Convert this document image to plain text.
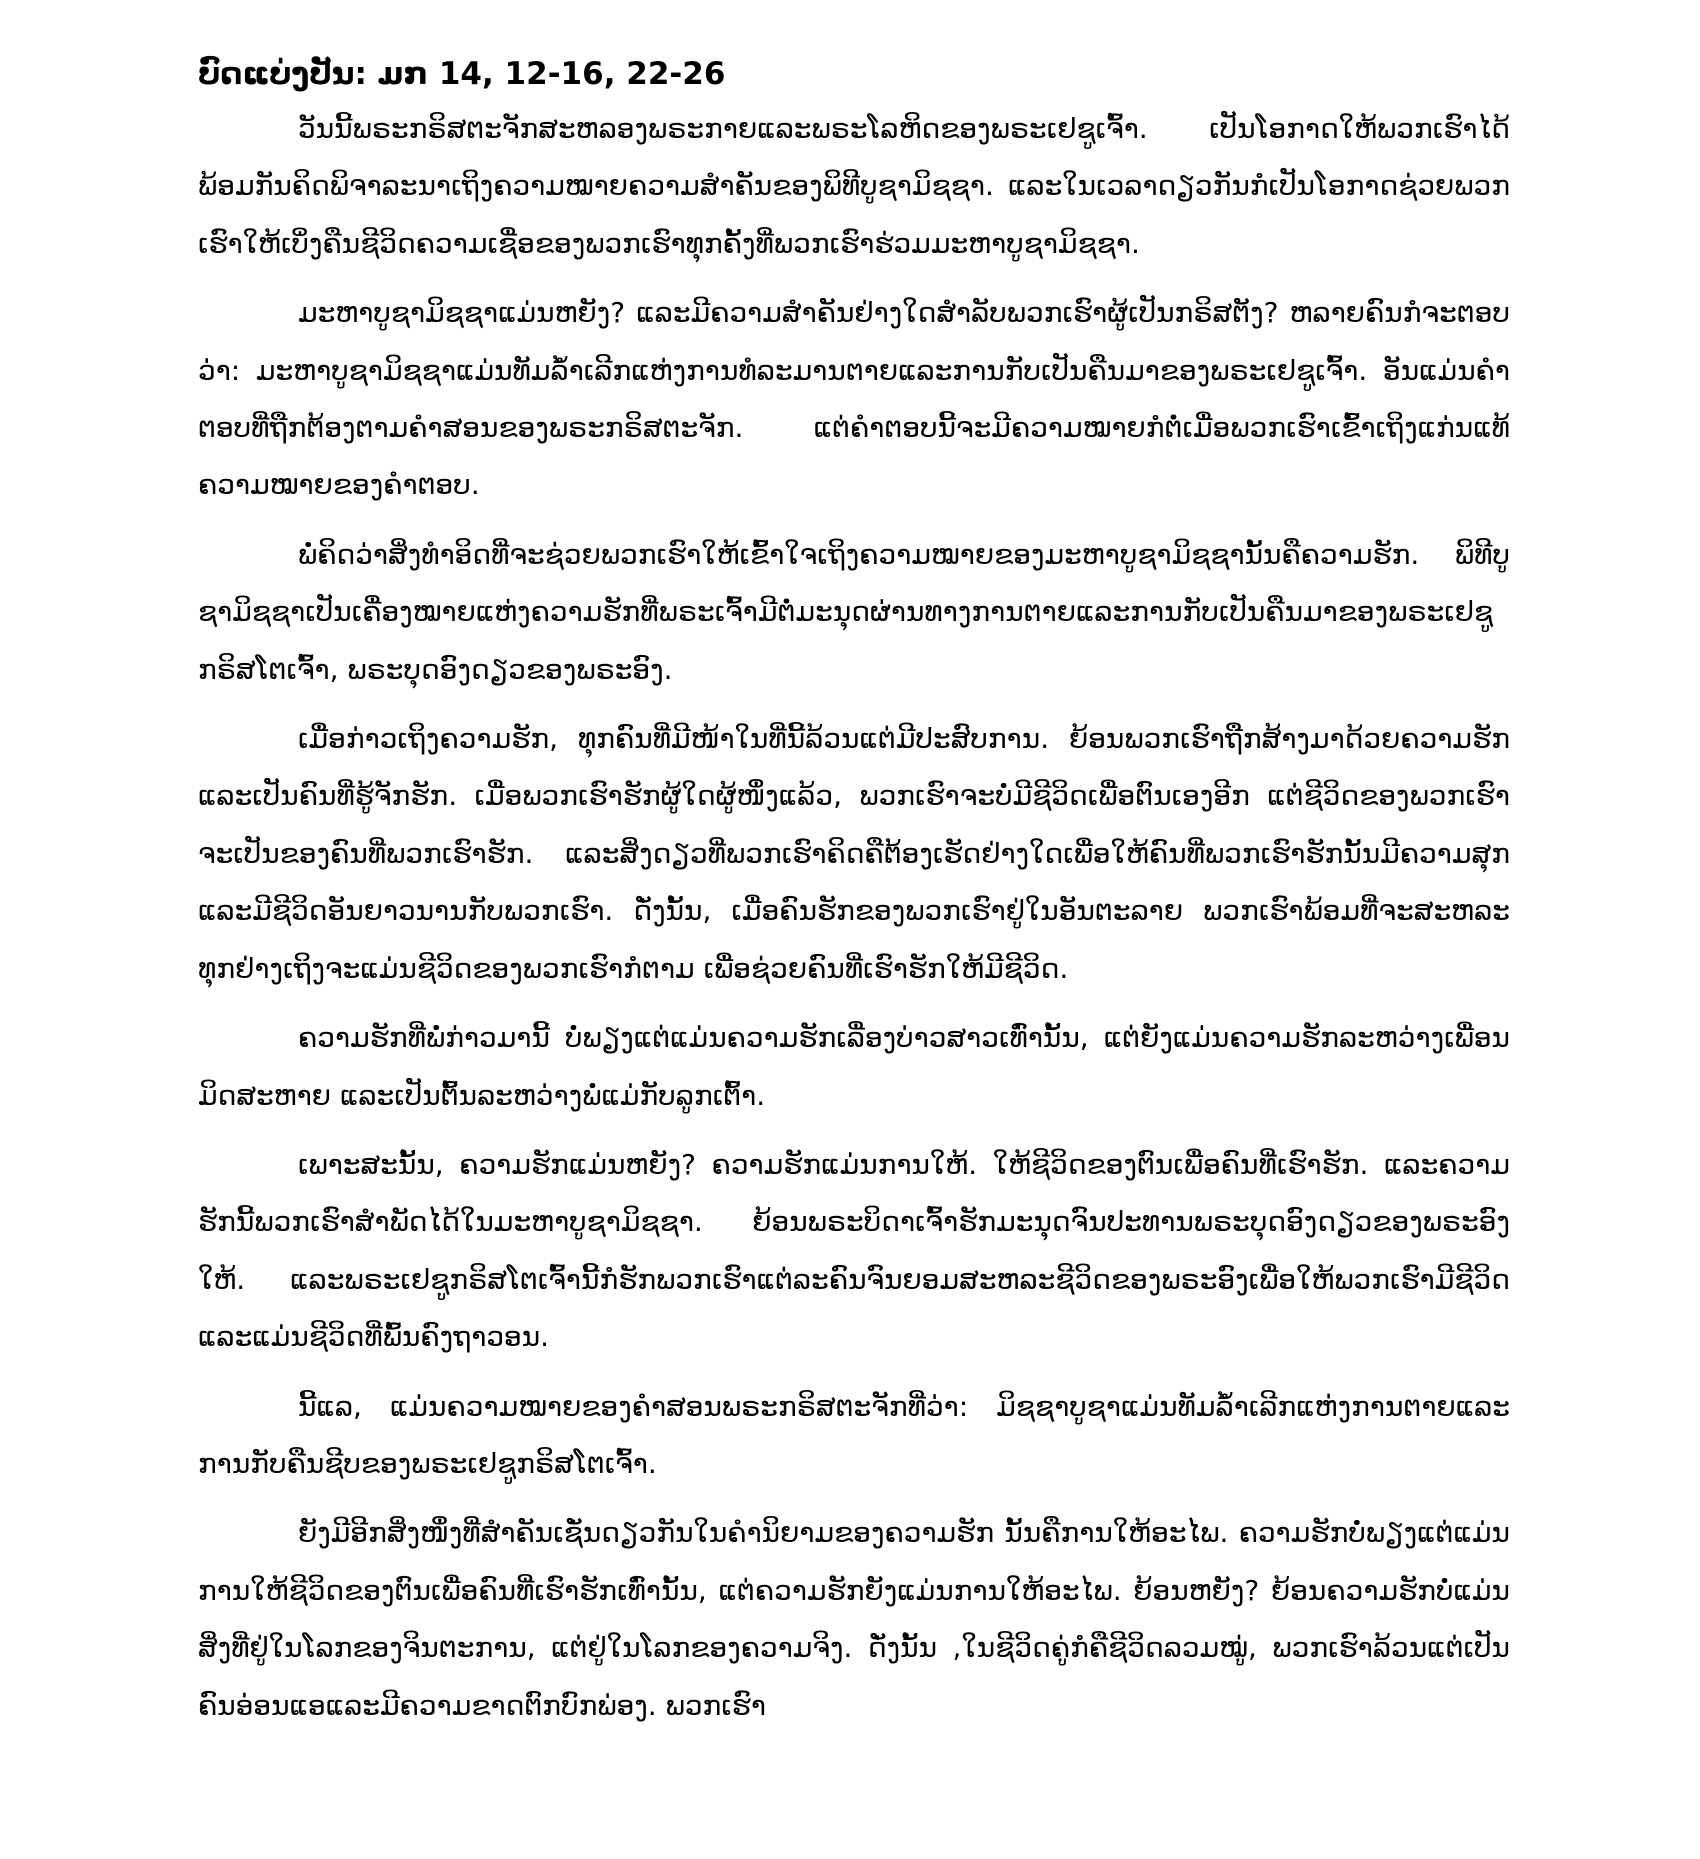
ບົດແບ່ງປັນ: ມກ 14, 12-16, 22-26

ວັນນີ້ພຣະກຣິສຕະຈັກສະຫລອງພຣະກາຍແລະພຣະໂລຫິດຂອງພຣະເຢຊູເຈົ້າ. ເປັນໂອກາດໃຫ້ພວກເຮົາໄດ້ພ້ອມກັນຄິດພິຈາລະນາເຖິງຄວາມໝາຍຄວາມສຳຄັນຂອງພິທີບູຊາມິຊຊາ. ແລະໃນເວລາດຽວກັນກໍເປັນໂອກາດຊ່ວຍພວກເຮົາໃຫ້ເບິ່ງຄືນຊີວິດຄວາມເຊື່ອຂອງພວກເຮົາທຸກຄັ້ງທີ່ພວກເຮົາຮ່ວມມະຫາບູຊາມິຊຊາ.

ມະຫາບູຊາມິຊຊາແມ່ນຫຍັງ? ແລະມີຄວາມສຳຄັນຢ່າງໃດສຳລັບພວກເຮົາຜູ້ເປັນກຣິສຕັງ? ຫລາຍຄົນກໍຈະຕອບວ່າ: ມະຫາບູຊາມິຊຊາແມ່ນທັມລ້ຳເລີກແຫ່ງການທໍລະມານຕາຍແລະການກັບເປັນຄືນມາຂອງພຣະເຢຊູເຈົ້າ. ອັນແມ່ນຄຳຕອບທີ່ຖືກຕ້ອງຕາມຄຳສອນຂອງພຣະກຣິສຕະຈັກ. ແຕ່ຄຳຕອບນີ້ຈະມີຄວາມໝາຍກໍຕໍ່ເມື່ອພວກເຮົາເຂົ້າເຖິງແກ່ນແທ້ຄວາມໝາຍຂອງຄຳຕອບ.

ພໍ່ຄິດວ່າສິ່ງທຳອິດທີ່ຈະຊ່ວຍພວກເຮົາໃຫ້ເຂົ້າໃຈເຖິງຄວາມໝາຍຂອງມະຫາບູຊາມິຊຊານັ້ນຄືຄວາມຮັກ. ພິທີບູຊາມິຊຊາເປັນເຄື່ອງໝາຍແຫ່ງຄວາມຮັກທີ່ພຣະເຈົ້າມີຕໍ່ມະນຸດຜ່ານທາງການຕາຍແລະການກັບເປັນຄືນມາຂອງພຣະເຢຊູກຣິສໂຕເຈົ້າ, ພຣະບຸດອົງດຽວຂອງພຣະອົງ.

ເມື່ອກ່າວເຖິງຄວາມຮັກ, ທຸກຄົນທີ່ມີໜ້າໃນທີ່ນີ້ລ້ວນແຕ່ມີປະສົບການ. ຍ້ອນພວກເຮົາຖືກສ້າງມາດ້ວຍຄວາມຮັກແລະເປັນຄົນທີ່ຮູ້ຈັກຮັກ. ເມື່ອພວກເຮົາຮັກຜູ້ໃດຜູ້ໜຶ່ງແລ້ວ, ພວກເຮົາຈະບໍ່ມີຊີວິດເພື່ອຕົນເອງອີກ ແຕ່ຊີວິດຂອງພວກເຮົາຈະເປັນຂອງຄົນທີ່ພວກເຮົາຮັກ. ແລະສິ່ງດຽວທີ່ພວກເຮົາຄິດຄືຕ້ອງເຮັດຢ່າງໃດເພື່ອໃຫ້ຄົນທີ່ພວກເຮົາຮັກນັ້ນມີຄວາມສຸກແລະມີຊີວິດອັນຍາວນານກັບພວກເຮົາ. ດັ່ງນັ້ນ, ເມື່ອຄົນຮັກຂອງພວກເຮົາຢູ່ໃນອັນຕະລາຍ ພວກເຮົາພ້ອມທີ່ຈະສະຫລະທຸກຢ່າງເຖິງຈະແມ່ນຊີວິດຂອງພວກເຮົາກໍຕາມ ເພື່ອຊ່ວຍຄົນທີ່ເຮົາຮັກໃຫ້ມີຊີວິດ.

ຄວາມຮັກທີ່ພໍ່ກ່າວມານີ້ ບໍ່ພຽງແຕ່ແມ່ນຄວາມຮັກເລື່ອງບ່າວສາວເທົ່ານັ້ນ, ແຕ່ຍັງແມ່ນຄວາມຮັກລະຫວ່າງເພື່ອນມິດສະຫາຍ ແລະເປັນຕົ້ນລະຫວ່າງພໍ່ແມ່ກັບລູກເຕົ້າ.

ເພາະສະນັ້ນ, ຄວາມຮັກແມ່ນຫຍັງ? ຄວາມຮັກແມ່ນການໃຫ້. ໃຫ້ຊີວິດຂອງຕົນເພື່ອຄົນທີ່ເຮົາຮັກ. ແລະຄວາມຮັກນີ້ພວກເຮົາສຳພັດໄດ້ໃນມະຫາບູຊາມິຊຊາ. ຍ້ອນພຣະບິດາເຈົ້າຮັກມະນຸດຈົນປະທານພຣະບຸດອົງດຽວຂອງພຣະອົງໃຫ້. ແລະພຣະເຢຊູກຣິສໂຕເຈົ້ານີ້ກໍຮັກພວກເຮົາແຕ່ລະຄົນຈົນຍອມສະຫລະຊີວິດຂອງພຣະອົງເພື່ອໃຫ້ພວກເຮົາມີຊີວິດ ແລະແມ່ນຊີວິດທີ່ພົ້ນຄົງຖາວອນ.

ນີ້ແລ, ແມ່ນຄວາມໝາຍຂອງຄຳສອນພຣະກຣິສຕະຈັກທີ່ວ່າ: ມິຊຊາບູຊາແມ່ນທັມລ້ຳເລີກແຫ່ງການຕາຍແລະການກັບຄືນຊີບຂອງພຣະເຢຊູກຣິສໂຕເຈົ້າ.

ຍັງມີອີກສິ່ງໜຶ່ງທີ່ສຳຄັນເຊັ່ນດຽວກັນໃນຄຳນິຍາມຂອງຄວາມຮັກ ນັ້ນຄືການໃຫ້ອະໄພ. ຄວາມຮັກບໍ່ພຽງແຕ່ແມ່ນການໃຫ້ຊີວິດຂອງຕົນເພື່ອຄົນທີ່ເຮົາຮັກເທົ່ານັ້ນ, ແຕ່ຄວາມຮັກຍັງແມ່ນການໃຫ້ອະໄພ. ຍ້ອນຫຍັງ? ຍ້ອນຄວາມຮັກບໍ່ແມ່ນສິ່ງທີ່ຢູ່ໃນໂລກຂອງຈິນຕະການ, ແຕ່ຢູ່ໃນໂລກຂອງຄວາມຈິງ. ດັ່ງນັ້ນ ,ໃນຊີວິດຄູ່ກໍຄືຊີວິດລວມໝູ່, ພວກເຮົາລ້ວນແຕ່ເປັນຄົນອ່ອນແອແລະມີຄວາມຂາດຕົກບົກພ່ອງ. ພວກເຮົາ
